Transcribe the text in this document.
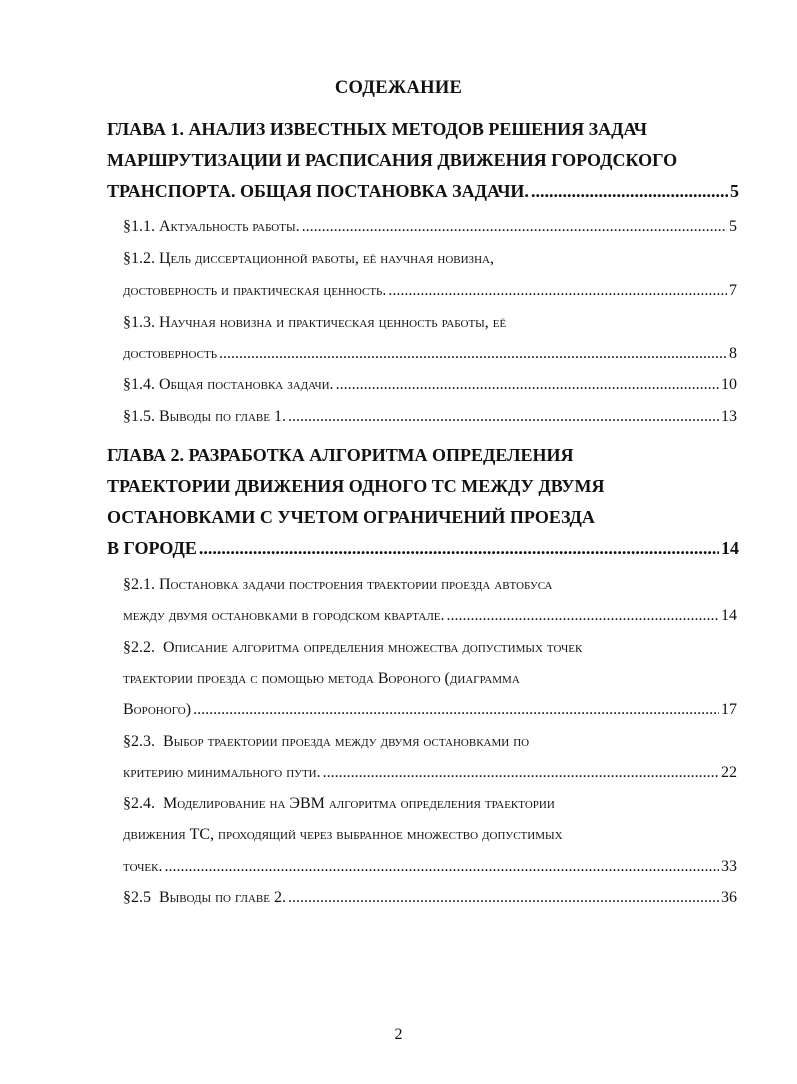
СОДЕЖАНИЕ
ГЛАВА 1. АНАЛИЗ ИЗВЕСТНЫХ МЕТОДОВ РЕШЕНИЯ ЗАДАЧ
МАРШРУТИЗАЦИИ И РАСПИСАНИЯ ДВИЖЕНИЯ ГОРОДСКОГО
ТРАНСПОРТА. ОБЩАЯ ПОСТАНОВКА ЗАДАЧИ. .....	5
§1.1.
Актуальность работы. .....	5
§1.2.
Цель диссертационной работы, её научная новизна,
достоверность и практическая ценность. .....	7
§1.3.
Научная новизна и практическая ценность работы, её
достоверность .....	8
§1.4.
Общая постановка задачи. .....	10
§1.5.
Выводы по главе 1. .....	13
ГЛАВА 2. РАЗРАБОТКА АЛГОРИТМА ОПРЕДЕЛЕНИЯ
ТРАЕКТОРИИ ДВИЖЕНИЯ ОДНОГО ТС МЕЖДУ ДВУМЯ
ОСТАНОВКАМИ С УЧЕТОМ ОГРАНИЧЕНИЙ ПРОЕЗДА
В ГОРОДЕ .....	14
§2.1.
Постановка задачи построения траектории проезда автобуса
между двумя остановками в городском квартале. .....	14
§2.2.
Описание алгоритма определения множества допустимых точек
траектории проезда с помощью метода Вороного (диаграмма
Вороного) .....	17
§2.3.
Выбор траектории проезда между двумя остановками по
критерию минимального пути. .....	22
§2.4.
Моделирование на ЭВМ алгоритма определения траектории
движения ТС, проходящий через выбранное множество допустимых
точек. .....	33
§2.5
Выводы по главе 2. .....	36
2
